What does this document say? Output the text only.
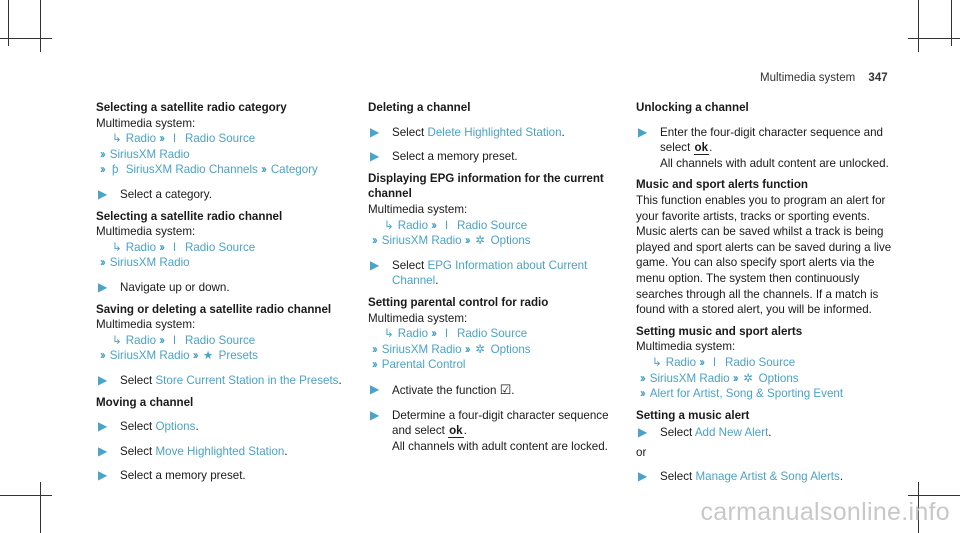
Multimedia system 347
Selecting a satellite radio category
Multimedia system:
↳ Radio ›› ǀ Radio Source
›› SiriusXM Radio
›› ƥ SiriusXM Radio Channels ›› Category
▶ Select a category.
Selecting a satellite radio channel
Multimedia system:
↳ Radio ›› ǀ Radio Source
›› SiriusXM Radio
▶ Navigate up or down.
Saving or deleting a satellite radio channel
Multimedia system:
↳ Radio ›› ǀ Radio Source
›› SiriusXM Radio ›› ★ Presets
▶ Select Store Current Station in the Presets.
Moving a channel
▶ Select Options.
▶ Select Move Highlighted Station.
▶ Select a memory preset.
Deleting a channel
▶ Select Delete Highlighted Station.
▶ Select a memory preset.
Displaying EPG information for the current channel
Multimedia system:
↳ Radio ›› ǀ Radio Source
›› SiriusXM Radio ›› ✲ Options
▶ Select EPG Information about Current Channel.
Setting parental control for radio
Multimedia system:
↳ Radio ›› ǀ Radio Source
›› SiriusXM Radio ›› ✲ Options
›› Parental Control
▶ Activate the function ☑.
▶ Determine a four-digit character sequence
and select ok.
All channels with adult content are locked.
Unlocking a channel
▶ Enter the four-digit character sequence and
select ok.
All channels with adult content are unlocked.
Music and sport alerts function
This function enables you to program an alert for your favorite artists, tracks or sporting events. Music alerts can be saved whilst a track is being played and sport alerts can be saved during a live game. You can also specify sport alerts via the menu option. The system then continuously searches through all the channels. If a match is found with a stored alert, you will be informed.
Setting music and sport alerts
Multimedia system:
↳ Radio ›› ǀ Radio Source
›› SiriusXM Radio ›› ✲ Options
›› Alert for Artist, Song & Sporting Event
Setting a music alert
▶ Select Add New Alert.
or
▶ Select Manage Artist & Song Alerts.
carmanualsonline.info
